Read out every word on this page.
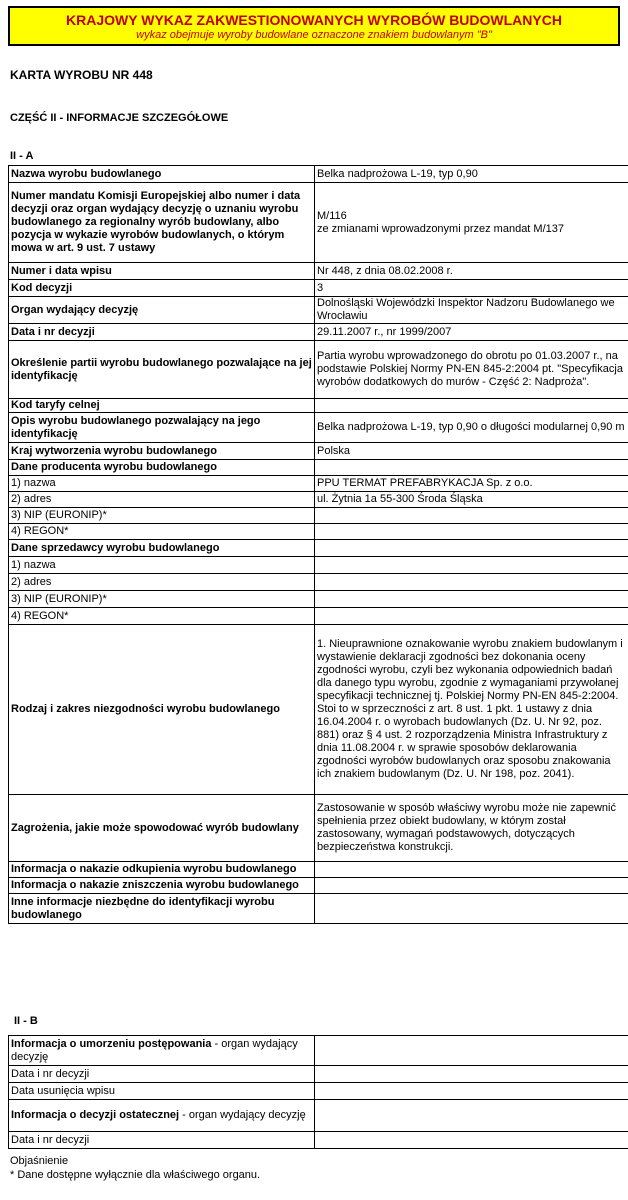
KRAJOWY WYKAZ ZAKWESTIONOWANYCH WYROBÓW BUDOWLANYCH
wykaz obejmuje wyroby budowlane oznaczone znakiem budowlanym "B"
KARTA WYROBU NR 448
CZĘŚĆ II - INFORMACJE SZCZEGÓŁOWE
II - A
Nazwa wyrobu budowlanego	Belka nadprożowa L-19, typ 0,90
Numer mandatu Komisji Europejskiej albo numer i data decyzji oraz organ wydający decyzję o uznaniu wyrobu budowlanego za regionalny wyrób budowlany, albo pozycja w wykazie wyrobów budowlanych, o którym mowa w art. 9 ust. 7 ustawy	M/116
ze zmianami wprowadzonymi przez mandat M/137
Numer i data wpisu	Nr 448, z dnia 08.02.2008 r.
Kod decyzji	3
Organ wydający decyzję	Dolnośląski Wojewódzki Inspektor Nadzoru Budowlanego we Wrocławiu
Data i nr decyzji	29.11.2007 r., nr 1999/2007
Określenie partii wyrobu budowlanego pozwalające na jej identyfikację	Partia wyrobu wprowadzonego do obrotu po 01.03.2007 r., na podstawie Polskiej Normy PN-EN 845-2:2004 pt. "Specyfikacja wyrobów dodatkowych do murów - Część 2: Nadproża".
Kod taryfy celnej	
Opis wyrobu budowlanego pozwalający na jego identyfikację	Belka nadprożowa L-19, typ 0,90 o długości modularnej 0,90 m
Kraj wytworzenia wyrobu budowlanego	Polska
Dane producenta wyrobu budowlanego	
1) nazwa	PPU TERMAT PREFABRYKACJA Sp. z o.o.
2) adres	ul. Żytnia 1a 55-300 Środa Śląska
3) NIP (EURONIP)*	
4) REGON*	
Dane sprzedawcy wyrobu budowlanego	
1) nazwa	
2) adres	
3) NIP (EURONIP)*	
4) REGON*	
Rodzaj i zakres niezgodności wyrobu budowlanego	1. Nieuprawnione oznakowanie wyrobu znakiem budowlanym i wystawienie deklaracji zgodności bez dokonania oceny zgodności wyrobu, czyli bez wykonania odpowiednich badań dla danego typu wyrobu, zgodnie z wymaganiami przywołanej specyfikacji technicznej tj. Polskiej Normy PN-EN 845-2:2004.
Stoi to w sprzeczności z art. 8 ust. 1 pkt. 1 ustawy z dnia 16.04.2004 r. o wyrobach budowlanych (Dz. U. Nr 92, poz. 881) oraz § 4 ust. 2 rozporządzenia Ministra Infrastruktury z dnia 11.08.2004 r. w sprawie sposobów deklarowania zgodności wyrobów budowlanych oraz sposobu znakowania ich znakiem budowlanym (Dz. U. Nr 198, poz. 2041).
Zagrożenia, jakie może spowodować wyrób budowlany	Zastosowanie w sposób właściwy wyrobu może nie zapewnić spełnienia przez obiekt budowlany, w którym został zastosowany, wymagań podstawowych, dotyczących bezpieczeństwa konstrukcji.
Informacja o nakazie odkupienia wyrobu budowlanego	
Informacja o nakazie zniszczenia wyrobu budowlanego	
Inne informacje niezbędne do identyfikacji wyrobu budowlanego	
II - B
Informacja o umorzeniu postępowania - organ wydający decyzję	
Data i nr decyzji	
Data usunięcia wpisu	
Informacja o decyzji ostatecznej - organ wydający decyzję	
Data i nr decyzji	
Objaśnienie
* Dane dostępne wyłącznie dla właściwego organu.
